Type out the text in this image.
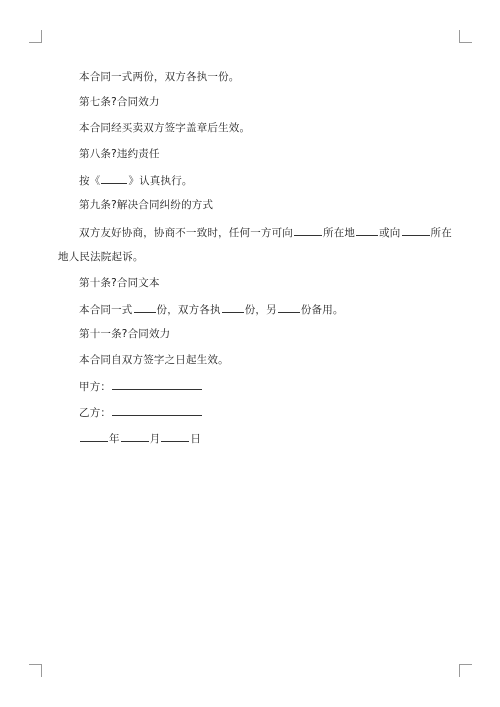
本合同一式两份，双方各执一份。
第七条?合同效力
本合同经买卖双方签字盖章后生效。
第八条?违约责任
按《	》认真执行。
第九条?解决合同纠纷的方式
双方友好协商，协商不一致时，任何一方可向	所在地 或向	所在
地人民法院起诉。
第十条?合同文本
本合同一式 份，双方各执 份，另 份备用。
第十一条?合同效力
本合同自双方签字之日起生效。
甲方：
乙方：
年	月	日
